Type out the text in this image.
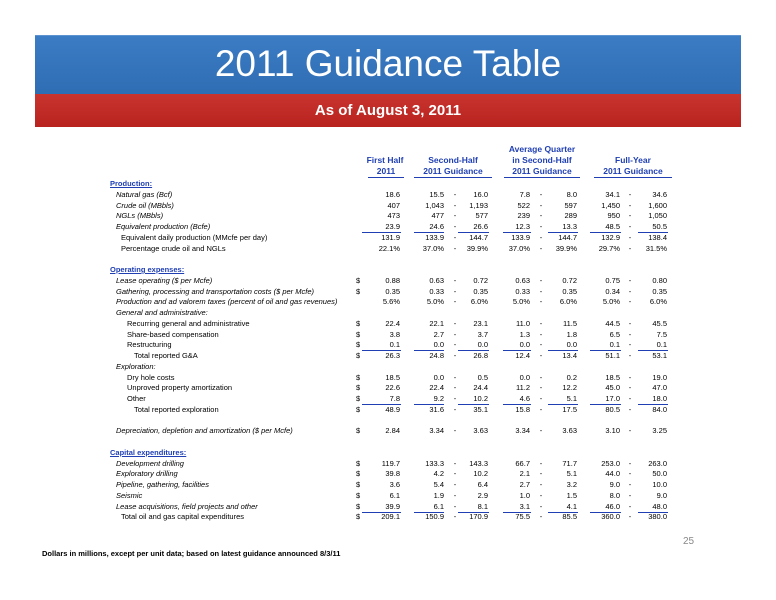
2011 Guidance Table
As of August 3, 2011
Average Quarter
First Half
2011
Second-Half
2011 Guidance
in Second-Half
2011 Guidance
Full-Year
2011 Guidance
Production:
Natural gas (Bcf)	18.6	15.5	16.0	7.8	8.0	34.1	34.6
-	-	-
Crude oil (MBbls)	407	1,043	1,193	522	597	1,450	1,600
-	-	-
NGLs (MBbls)	473	477	577	239	289	950	1,050
-	-	-
Equivalent production (Bcfe)	23.9	24.6	26.6	12.3	13.3	48.5	50.5
-	-	-
Equivalent daily production (MMcfe per day)	131.9	133.9	144.7	133.9	144.7	132.9	138.4
-	-	-
Percentage crude oil and NGLs	22.1%	37.0%	39.9%	37.0%	39.9%	29.7%	31.5%
-	-	-
Operating expenses:
Lease operating ($ per Mcfe)	$	0.88	0.63	0.72	0.63	0.72	0.75	0.80
-	-	-
Gathering, processing and transportation costs ($ per Mcfe)	$	0.35	0.33	0.35	0.33	0.35	0.34	0.35
-	-	-
Production and ad valorem taxes (percent of oil and gas revenues)	5.6%	5.0%	6.0%	5.0%	6.0%	5.0%	6.0%
-	-	-
General and administrative:
Recurring general and administrative	$	22.4	22.1	23.1	11.0	11.5	44.5	45.5
-	-	-
Share-based compensation	$	3.8	2.7	3.7	1.3	1.8	6.5	7.5
-	-	-
Restructuring	$	0.1	0.0	0.0	0.0	0.0	0.1	0.1
-	-	-
Total reported G&A	$	26.3	24.8	26.8	12.4	13.4	51.1	53.1
-	-	-
Exploration:
Dry hole costs	$	18.5	0.0	0.5	0.0	0.2	18.5	19.0
-	-	-
Unproved property amortization	$	22.6	22.4	24.4	11.2	12.2	45.0	47.0
-	-	-
Other	$	7.8	9.2	10.2	4.6	5.1	17.0	18.0
-	-	-
Total reported exploration	$	48.9	31.6	35.1	15.8	17.5	80.5	84.0
-	-	-
Depreciation, depletion and amortization ($ per Mcfe)	$	2.84	3.34	3.63	3.34	3.63	3.10	3.25
-	-	-
Capital expenditures:
Development drilling	$	119.7	133.3	143.3	66.7	71.7	253.0	263.0
-	-	-
Exploratory drilling	$	39.8	4.2	10.2	2.1	5.1	44.0	50.0
-	-	-
Pipeline, gathering, facilities	$	3.6	5.4	6.4	2.7	3.2	9.0	10.0
-	-	-
Seismic	$	6.1	1.9	2.9	1.0	1.5	8.0	9.0
-	-	-
Lease acquisitions, field projects and other	$	39.9	6.1	8.1	3.1	4.1	46.0	48.0
-	-	-
Total oil and gas capital expenditures	$	209.1	150.9	170.9	75.5	85.5	360.0	380.0
-	-	-
Dollars in millions, except per unit data; based on latest guidance announced 8/3/11
25
